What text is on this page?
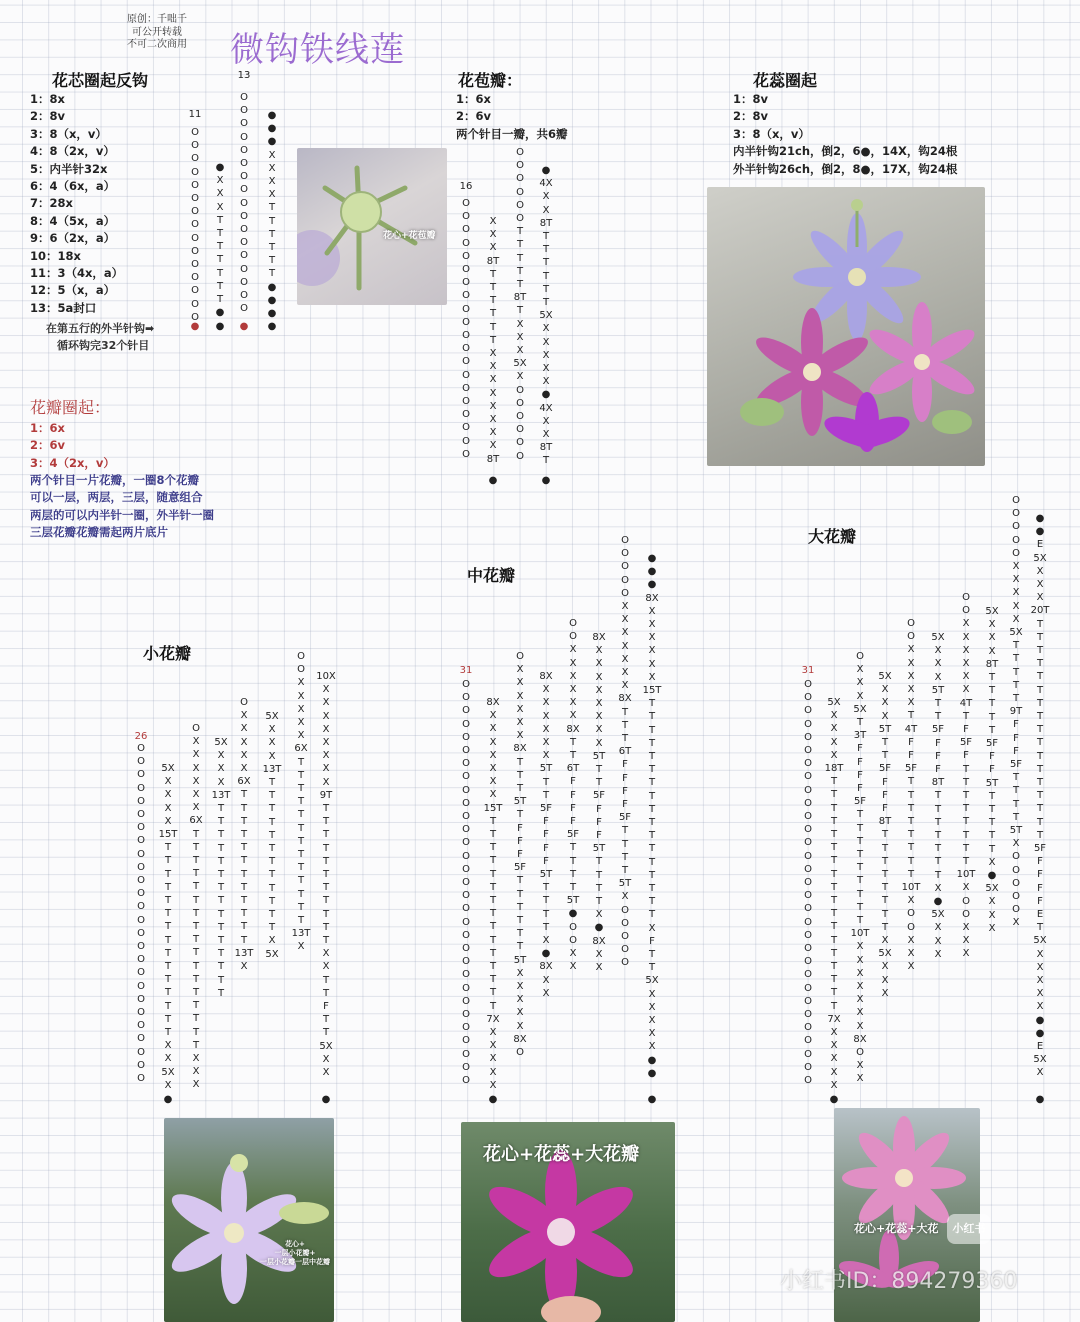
原创：千咄千
可公开转载
不可二次商用 微钩铁线莲
花芯圈起反钩
1：8x
2：8v
3：8（x，v）
4：8（2x，v）
5：内半针32x
6：4（6x，a）
7：28x
8：4（5x，a）
9：6（2x，a）
10：18x
11：3（4x，a）
12：5（x，a）
13：5a封口
在第五行的外半针钩➡
循环钩完32个针目
花苞瓣：
1：6x
2：6v
两个针目一瓣，共6瓣
花蕊圈起
1：8v
2：8v
3：8（x，v）
内半针钩21ch，倒2，6●，14X，钩24根
外半针钩26ch，倒2，8●，17X，钩24根
花瓣圈起：
1：6x
2：6v
3：4（2x，v）
两个针目一片花瓣，一圈8个花瓣
可以一层，两层，三层，随意组合
两层的可以内半针一圈，外半针一圈
三层花瓣花瓣需起两片底片
小花瓣
中花瓣
大花瓣
O
O
O
O
O
O
O
O
O
O
O
O
O
O
O
O
O
O
O
O
O
O
O
O
O
O
O
O
O
O
O
O
●
X
X
X
T
T
T
T
T
T
T
●
●
●
●
X
X
X
X
T
T
T
T
T
T
●
●
●
13
11
● ● ● ●
O
O
O
O
O
O
O
O
O
O
O
O
O
O
O
O
O
O
O
O
X
X
X
8T
T
T
T
T
T
T
X
X
X
X
X
X
X
X
8T
O
O
O
O
O
O
T
T
T
T
T
8T
T
X
X
X
5X
X
O
O
O
O
O
O
●
4X
X
X
8T
T
T
T
T
T
T
5X
X
X
X
X
X
●
4X
X
X
8T
T
16
●	●
O
O
O
O
O
O
O
O
O
O
O
O
O
O
O
O
O
O
O
O
O
O
O
O
O
O
5X
X
X
X
X
15T
T
T
T
T
T
T
T
T
T
T
T
T
T
T
T
X
X
5X
X
O
X
X
X
X
X
X
6X
T
T
T
T
T
T
T
T
T
T
T
T
T
T
T
T
T
X
X
X
5X
X
X
X
13T
T
T
T
T
T
T
T
T
T
T
T
T
T
T
T
O
X
X
X
X
X
6X
T
T
T
T
T
T
T
T
T
T
T
T
13T
X
5X
X
X
X
13T
T
T
T
T
T
T
T
T
T
T
T
T
X
5X
O
O
X
X
X
X
X
6X
T
T
T
T
T
T
T
T
T
T
T
T
T
13T
X
10X
X
X
X
X
X
X
X
X
9T
T
T
T
T
T
T
T
T
T
T
T
X
X
T
T
F
T
T
5X
X
X
26
●	●
O
O
O
O
O
O
O
O
O
O
O
O
O
O
O
O
O
O
O
O
O
O
O
O
O
O
O
O
O
O
O
8X
X
X
X
X
X
X
X
15T
T
T
T
T
T
T
T
T
T
T
T
T
T
T
T
7X
X
X
X
X
X
O
X
X
X
X
X
X
8X
T
T
T
5T
T
F
F
F
5F
T
T
T
T
T
T
5T
X
X
X
X
X
8X
O
8X
X
X
X
X
X
X
5T
T
T
5F
F
F
F
F
5T
T
T
T
T
X
●
8X
X
X
O
O
X
X
X
X
X
X
8X
T
T
6T
F
F
F
F
5F
T
T
T
T
5T
●
O
O
X
X
8X
X
X
X
X
X
X
X
X
5T
T
T
5F
F
F
F
5T
T
T
T
T
X
●
8X
X
X
O
O
O
O
O
X
X
X
X
X
X
X
8X
T
T
T
6T
F
F
F
F
5F
T
T
T
T
5T
X
O
O
O
O
O
●
●
●
8X
X
X
X
X
X
X
15T
T
T
T
T
T
T
T
T
T
T
T
T
T
T
T
T
T
X
F
T
T
5X
X
X
X
X
X
●
●
31
●	●
O
O
O
O
O
O
O
O
O
O
O
O
O
O
O
O
O
O
O
O
O
O
O
O
O
O
O
O
O
O
O
5X
X
X
X
X
18T
T
T
T
T
T
T
T
T
T
T
T
T
T
T
T
T
T
T
7X
X
X
X
X
X
O
X
X
X
5X
T
3T
F
F
F
F
5F
T
T
T
T
T
T
T
T
T
10T
X
X
X
X
X
X
X
8X
O
X
X
5X
X
X
X
5T
T
T
5F
F
F
F
8T
T
T
T
T
T
T
T
T
X
5X
X
X
X
O
O
X
X
X
X
X
T
4T
F
F
5F
T
T
T
T
T
T
T
T
10T
X
O
O
X
X
X
5X
X
X
X
5T
T
T
5F
F
F
F
8T
T
T
T
T
T
T
T
X
●
5X
X
X
X
O
O
X
X
X
X
X
X
4T
T
F
5F
F
T
T
T
T
T
T
T
T
10T
X
O
O
X
X
X
5X
X
X
X
8T
T
T
T
T
T
5F
F
F
5T
T
T
T
T
T
X
●
5X
X
X
X
O
O
O
O
O
X
X
X
X
X
5X
T
T
T
T
T
9T
F
F
F
5F
T
T
T
T
5T
X
O
O
O
O
O
X
●
●
E
5X
X
X
X
20T
T
T
T
T
T
T
T
T
T
T
T
T
T
T
T
T
T
5F
F
F
F
F
E
T
5X
X
X
X
X
X
●
●
E
5X
X
31
●	●
花心+花苞瓣
花心+
一层小花瓣+
一层小花瓣一层中花瓣
花心+花蕊+大花瓣
花心+花蕊+大花	小红书
小红书ID：894279360
